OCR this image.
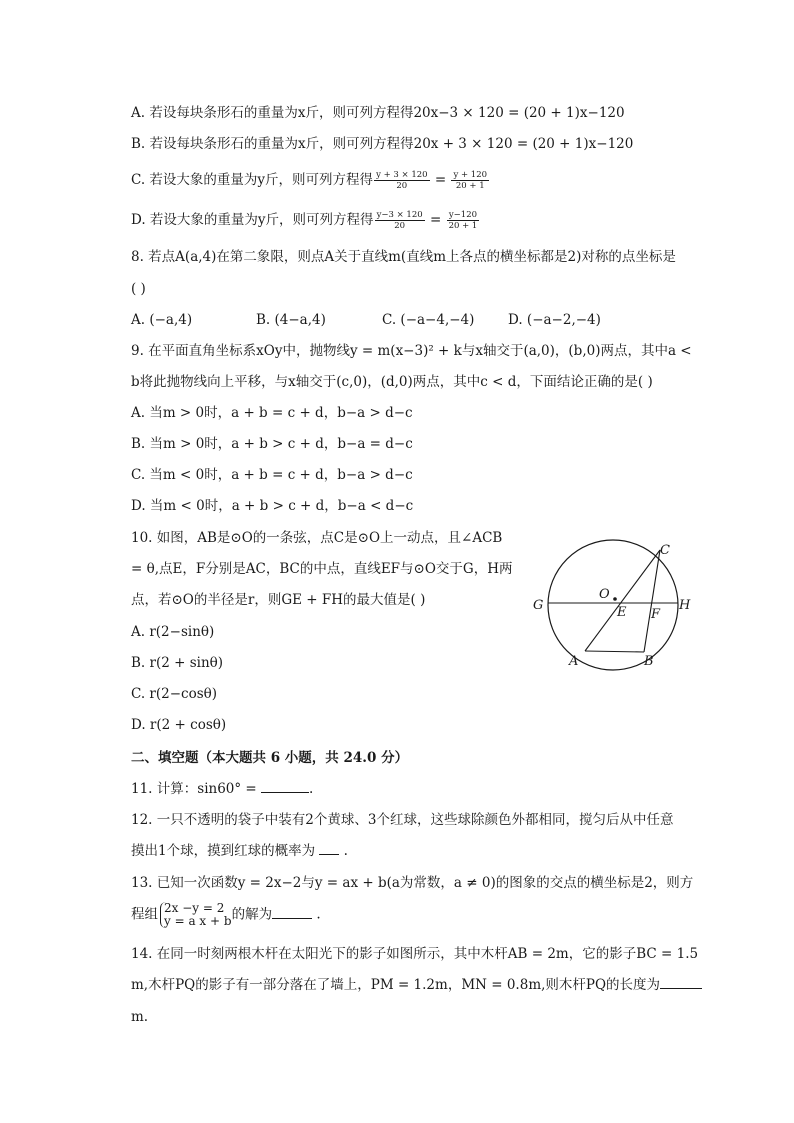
A. 若设每块条形石的重量为x斤，则可列方程得20x−3 × 120 = (20 + 1)x−120
B. 若设每块条形石的重量为x斤，则可列方程得20x + 3 × 120 = (20 + 1)x−120
C. 若设大象的重量为y斤，则可列方程得 $\frac{y + 3 \times 120}{20} = \frac{y + 120}{20 + 1}$
D. 若设大象的重量为y斤，则可列方程得 $\frac{y-3 \times 120}{20} = \frac{y-120}{20 + 1}$
8. 若点A(a,4)在第二象限，则点A关于直线m(直线m上各点的横坐标都是2)对称的点坐标是
( )
A. (−a,4)	B. (4−a,4)	C. (−a−4,−4) D. (−a−2,−4)
9. 在平面直角坐标系xOy中，抛物线y = m(x−3)² + k与x轴交于(a,0)，(b,0)两点，其中a <
b将此抛物线向上平移，与x轴交于(c,0)，(d,0)两点，其中c < d，下面结论正确的是( )
A. 当m > 0时，a + b = c + d，b−a > d−c
B. 当m > 0时，a + b > c + d，b−a = d−c
C. 当m < 0时，a + b = c + d，b−a > d−c
D. 当m < 0时，a + b > c + d，b−a < d−c
10. 如图，AB是⊙O的一条弦，点C是⊙O上一动点，且∠ACB
= θ,点E，F分别是AC，BC的中点，直线EF与⊙O交于G，H两
点，若⊙O的半径是r，则GE + FH的最大值是( )
A. r(2−sinθ)
B. r(2 + sinθ)
C. r(2−cosθ)
D. r(2 + cosθ)
C
O
G	E F
H
A	B
二、填空题（本大题共 6 小题，共 24.0 分）
11. 计算：sin60° =	.
12. 一只不透明的袋子中装有2个黄球、3个红球，这些球除颜色外都相同，搅匀后从中任意
摸出1个球，摸到红球的概率为  .
13. 已知一次函数y = 2x−2与y = ax + b(a为常数，a ≠ 0)的图象的交点的横坐标是2，则方
程组 2x −y = 2
y = a x + b 的解为	.
14. 在同一时刻两根木杆在太阳光下的影子如图所示，其中木杆AB = 2m，它的影子BC = 1.5
m,木杆PQ的影子有一部分落在了墙上，PM = 1.2m，MN = 0.8m,则木杆PQ的长度为
m.
